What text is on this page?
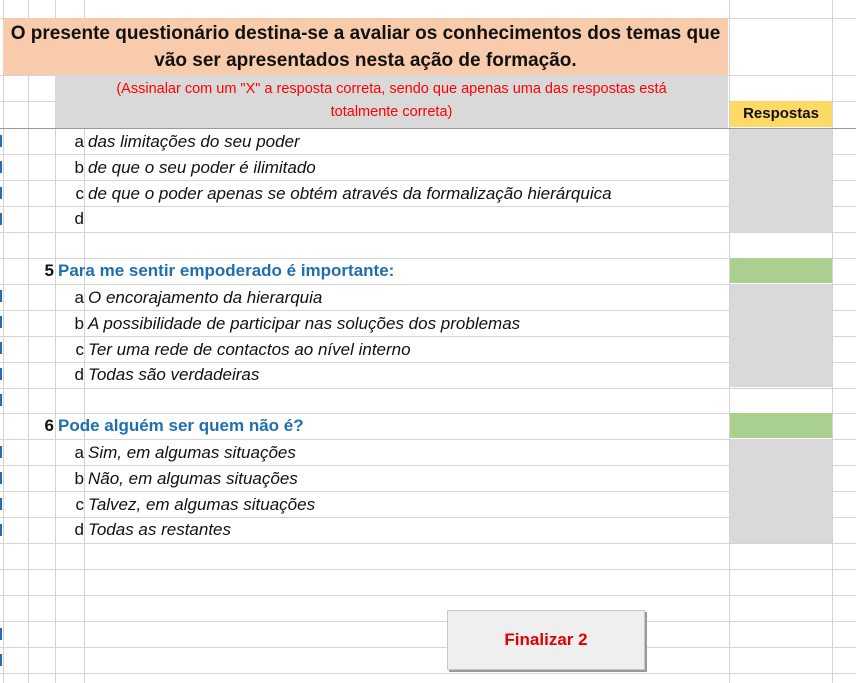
O presente questionário destina-se a avaliar os conhecimentos dos temas que
vão ser apresentados nesta ação de formação.
(Assinalar com um "X" a resposta correta, sendo que apenas uma das respostas está
totalmente correta)	Respostas
a das limitações do seu poder
b de que o seu poder é ilimitado
c de que o poder apenas se obtém através da formalização hierárquica
d
5 Para me sentir empoderado é importante:
a O encorajamento da hierarquia
b A possibilidade de participar nas soluções dos problemas
c Ter uma rede de contactos ao nível interno
d Todas são verdadeiras
6 Pode alguém ser quem não é?
a Sim, em algumas situações
b Não, em algumas situações
c Talvez, em algumas situações
d Todas as restantes
Finalizar 2
